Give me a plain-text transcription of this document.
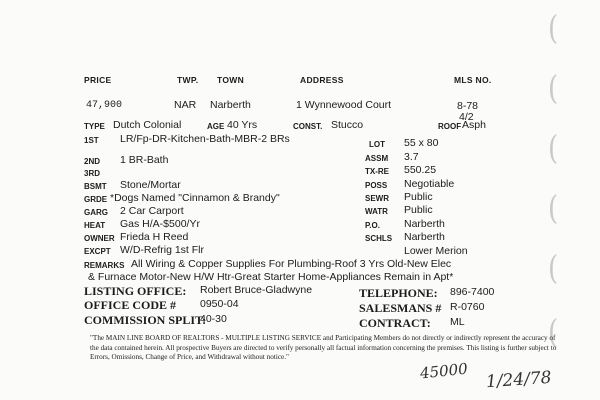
(
(
(
(
(
(
PRICE	TWP. TOWN	ADDRESS	MLS NO.
47,900	NAR Narberth	1 Wynnewood Court	8-78
4/2
TYPE Dutch Colonial	AGE 40 Yrs	CONST. Stucco	ROOF Asph
1ST LR/Fp-DR-Kitchen-Bath-MBR-2 BRs
2ND 1 BR-Bath
3RD
BSMT Stone/Mortar
GRDE *Dogs Named "Cinnamon & Brandy"
GARG 2 Car Carport
HEAT Gas H/A-$500/Yr
OWNER Frieda H Reed
EXCPT W/D-Refrig 1st Flr
LOT 55 x 80
ASSM 3.7
TX-RE 550.25
POSS Negotiable
SEWR Public
WATR Public
P.O. Narberth
SCHLS Narberth
Lower Merion
REMARKS All Wiring & Copper Supplies For Plumbing-Roof 3 Yrs Old-New Elec
& Furnace Motor-New H/W Htr-Great Starter Home-Appliances Remain in Apt*
LISTING OFFICE: Robert Bruce-Gladwyne	TELEPHONE: 896-7400
OFFICE CODE # 0950-04	SALESMANS # R-0760
COMMISSION SPLIT:
40-30	CONTRACT: ML
"The MAIN LINE BOARD OF REALTORS - MULTIPLE LISTING SERVICE and Participating Members do not directly or indirectly represent the accuracy of the data contained herein. All prospective Buyers are directed to verify personally all factual information concerning the premises. This listing is further subject to Errors, Omissions, Change of Price, and Withdrawal without notice."
45000 1/24/78
